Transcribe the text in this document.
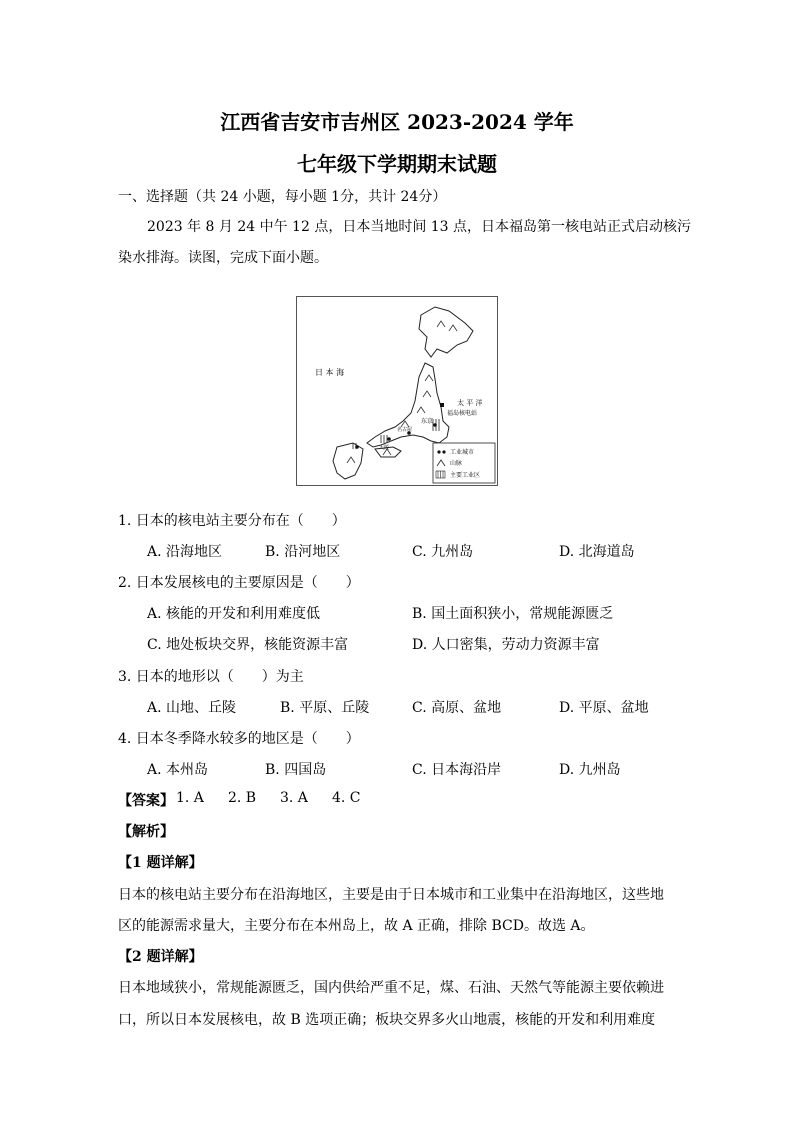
江西省吉安市吉州区 2023-2024 学年
七年级下学期期末试题
一、选择题（共 24 小题，每小题 1分，共计 24分）
2023 年 8 月 24 中午 12 点，日本当地时间 13 点，日本福岛第一核电站正式启动核污
染水排海。读图，完成下面小题。
日 本 海
太 平 洋
福岛核电站
东京
大阪
名古屋
工业城市
山脉
主要工业区
1. 日本的核电站主要分布在（　　）
A. 沿海地区	B. 沿河地区	C. 九州岛	D. 北海道岛
2. 日本发展核电的主要原因是（　　）
A. 核能的开发和利用难度低	B. 国土面积狭小，常规能源匮乏
C. 地处板块交界，核能资源丰富	D. 人口密集，劳动力资源丰富
3. 日本的地形以（　　）为主
A. 山地、丘陵	B. 平原、丘陵	C. 高原、盆地	D. 平原、盆地
4. 日本冬季降水较多的地区是（　　）
A. 本州岛	B. 四国岛	C. 日本海沿岸	D. 九州岛
【答案】 1. A 2. B 3. A 4. C
【解析】
【1 题详解】
日本的核电站主要分布在沿海地区，主要是由于日本城市和工业集中在沿海地区，这些地
区的能源需求量大，主要分布在本州岛上，故 A 正确，排除 BCD。故选 A。
【2 题详解】
日本地域狭小，常规能源匮乏，国内供给严重不足，煤、石油、天然气等能源主要依赖进
口，所以日本发展核电，故 B 选项正确；板块交界多火山地震，核能的开发和利用难度
